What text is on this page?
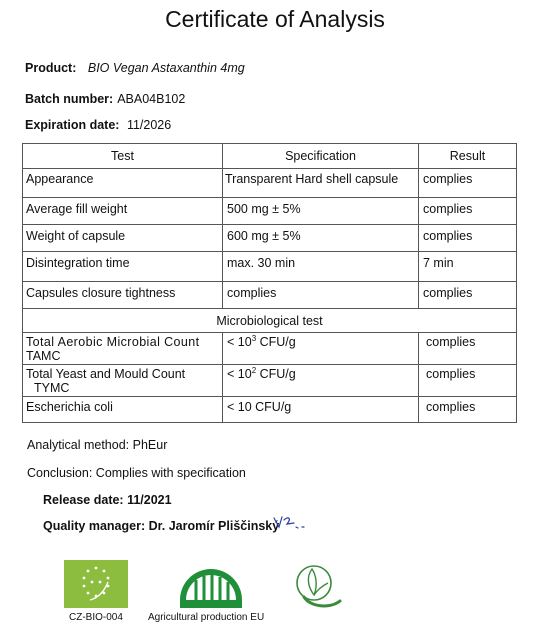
Certificate of Analysis
Product: BIO Vegan Astaxanthin 4mg
Batch number: ABA04B102
Expiration date: 11/2026
Test	Specification	Result
Appearance	Transparent Hard shell capsule	complies
Average fill weight	500 mg ± 5%	complies
Weight of capsule	600 mg ± 5%	complies
Disintegration time	max. 30 min	7 min
Capsules closure tightness	complies	complies
Microbiological test		

Total Aerobic Microbial Count
TAMC	< $10^3$ CFU/g	complies

Total Yeast and Mould Count
TYMC	< $10^2$ CFU/g	complies
Escherichia coli	< 10 CFU/g	complies
Analytical method: PhEur
Conclusion: Complies with specification
Release date: 11/2021
Quality manager: Dr. Jaromír Pliščinský
CZ-BIO-004	Agricultural production EU
